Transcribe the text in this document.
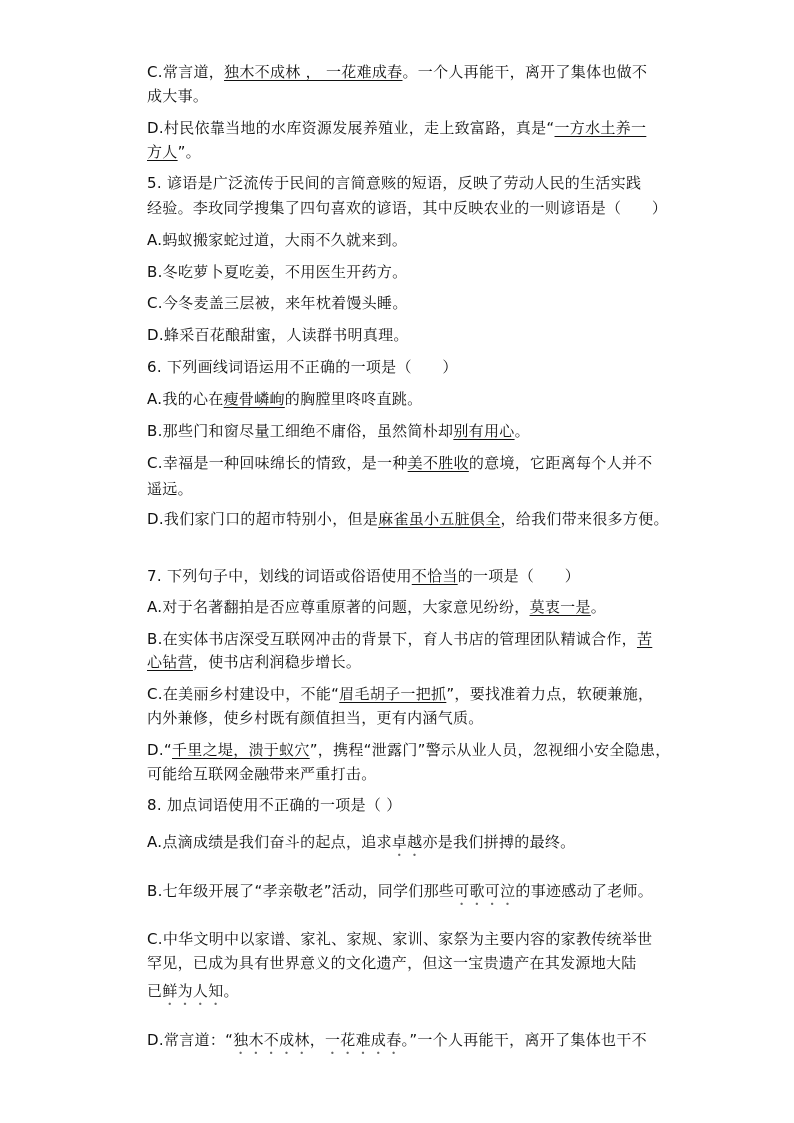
C.常言道，独木不成林 ， 一花难成春。一个人再能干，离开了集体也做不
成大事。
D.村民依靠当地的水库资源发展养殖业，走上致富路，真是“一方水土养一
方人”。
5. 谚语是广泛流传于民间的言简意赅的短语，反映了劳动人民的生活实践
经验。李玫同学搜集了四句喜欢的谚语，其中反映农业的一则谚语是（　　）
A.蚂蚁搬家蛇过道，大雨不久就来到。
B.冬吃萝卜夏吃姜，不用医生开药方。
C.今冬麦盖三层被，来年枕着馒头睡。
D.蜂采百花酿甜蜜，人读群书明真理。
6. 下列画线词语运用不正确的一项是（　　）
A.我的心在瘦骨嶙峋的胸膛里咚咚直跳。
B.那些门和窗尽量工细绝不庸俗，虽然简朴却别有用心。
C.幸福是一种回味绵长的情致，是一种美不胜收的意境，它距离每个人并不
遥远。
D.我们家门口的超市特别小，但是麻雀虽小五脏俱全，给我们带来很多方便。
7. 下列句子中，划线的词语或俗语使用不恰当的一项是（　　）
A.对于名著翻拍是否应尊重原著的问题，大家意见纷纷，莫衷一是。
B.在实体书店深受互联网冲击的背景下，育人书店的管理团队精诚合作，苦
心钻营，使书店利润稳步增长。
C.在美丽乡村建设中，不能“眉毛胡子一把抓”，要找准着力点，软硬兼施，
内外兼修，使乡村既有颜值担当，更有内涵气质。
D.“千里之堤，溃于蚁穴”，携程“泄露门”警示从业人员，忽视细小安全隐患，
可能给互联网金融带来严重打击。
8. 加点词语使用不正确的一项是（ ）
A.点滴成绩是我们奋斗的起点，追求卓越亦是我们拼搏的最终。
B.七年级开展了“孝亲敬老”活动，同学们那些可歌可泣的事迹感动了老师。
C.中华文明中以家谱、家礼、家规、家训、家祭为主要内容的家教传统举世
罕见，已成为具有世界意义的文化遗产，但这一宝贵遗产在其发源地大陆
已鲜为人知。
D.常言道：“独木不成林，一花难成春。”一个人再能干，离开了集体也干不
